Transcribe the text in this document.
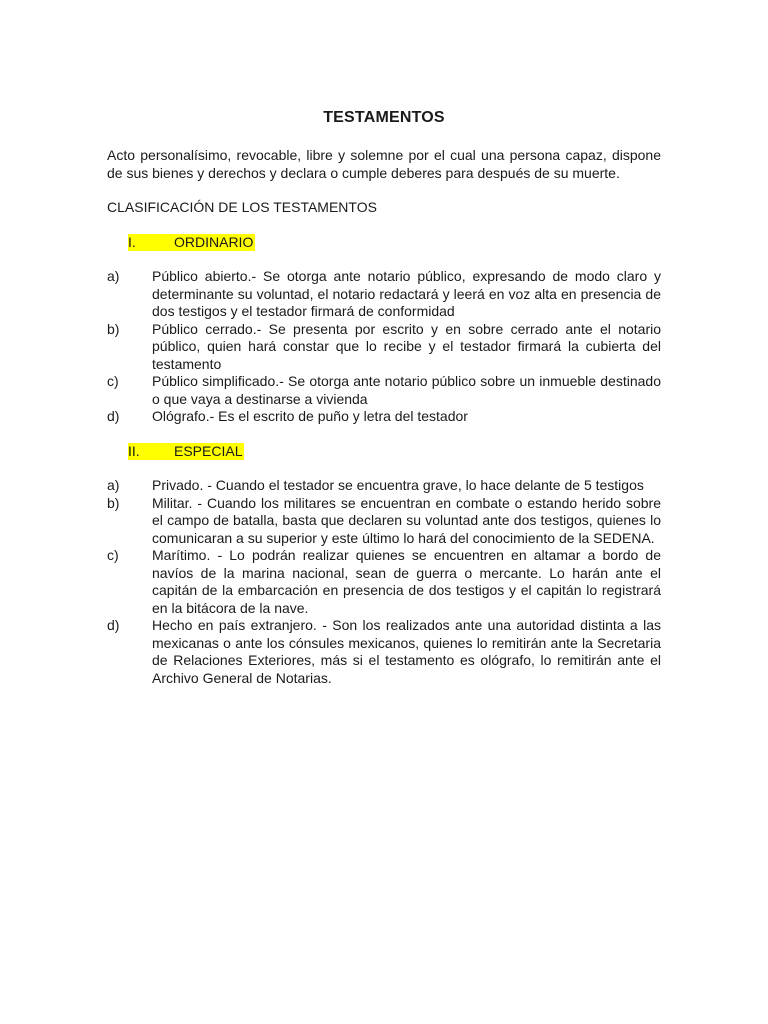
TESTAMENTOS

Acto personalísimo, revocable, libre y solemne por el cual una persona capaz, dispone de sus bienes y derechos y declara o cumple deberes para después de su muerte.

CLASIFICACIÓN DE LOS TESTAMENTOS

I.	ORDINARIO
a) Público abierto.- Se otorga ante notario público, expresando de modo claro y determinante su voluntad, el notario redactará y leerá en voz alta en presencia de dos testigos y el testador firmará de conformidad
b) Público cerrado.- Se presenta por escrito y en sobre cerrado ante el notario público, quien hará constar que lo recibe y el testador firmará la cubierta del testamento
c) Público simplificado.- Se otorga ante notario público sobre un inmueble destinado o que vaya a destinarse a vivienda
d) Ológrafo.- Es el escrito de puño y letra del testador
II. ESPECIAL
a) Privado. - Cuando el testador se encuentra grave, lo hace delante de 5 testigos
b) Militar. - Cuando los militares se encuentran en combate o estando herido sobre el campo de batalla, basta que declaren su voluntad ante dos testigos, quienes lo comunicaran a su superior y este último lo hará del conocimiento de la SEDENA.
c) Marítimo. - Lo podrán realizar quienes se encuentren en altamar a bordo de navíos de la marina nacional, sean de guerra o mercante. Lo harán ante el capitán de la embarcación en presencia de dos testigos y el capitán lo registrará en la bitácora de la nave.
d) Hecho en país extranjero. - Son los realizados ante una autoridad distinta a las mexicanas o ante los cónsules mexicanos, quienes lo remitirán ante la Secretaria de Relaciones Exteriores, más si el testamento es ológrafo, lo remitirán ante el Archivo General de Notarias.
